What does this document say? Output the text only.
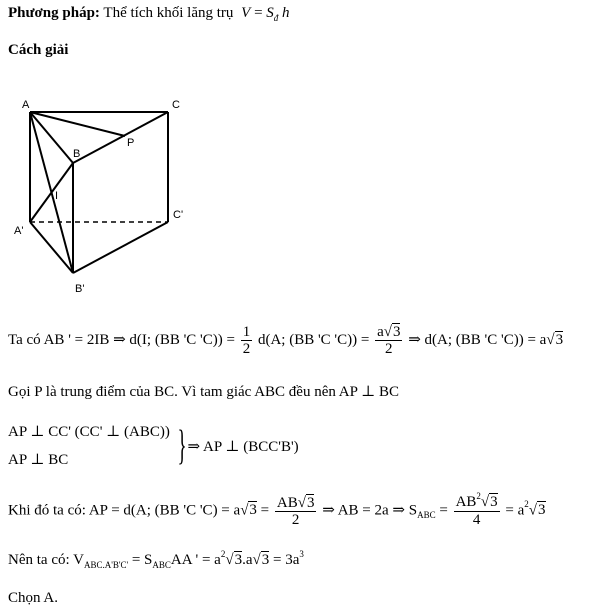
Phương pháp: Thể tích khối lăng trụ $V = S_đ$ h
Cách giải
A	C
P
B
I
A'
C'
B'
Ta có AB ' = 2IB ⇒ d(I; (BB 'C '$C)) = \frac{1}{2} d(A$; (BB 'C '$C)) = \frac{a√3}{2}$ ⇒ d(A; (BB 'C 'C)) = a√3
Gọi P là trung điểm của BC. Vì tam giác ABC đều nên AP ⊥ BC
AP ⊥ CC' (CC' ⊥ (ABC))
AP ⊥ BC	} ⇒ AP ⊥ (BCC'B')
Khi đó ta có: AP = d(A; (BB 'C '$C) = a√3 = \frac{AB√3}{2}$ ⇒ AB = 2a ⇒ $S_{ABC} = \frac{AB^2√3}{4} = a^2√3$
Nên ta có: $V_{ABC.A'B'C'} = S_{ABC}AA$ ' = $a^2√3.a√3 = 3a^3$
Chọn A.
